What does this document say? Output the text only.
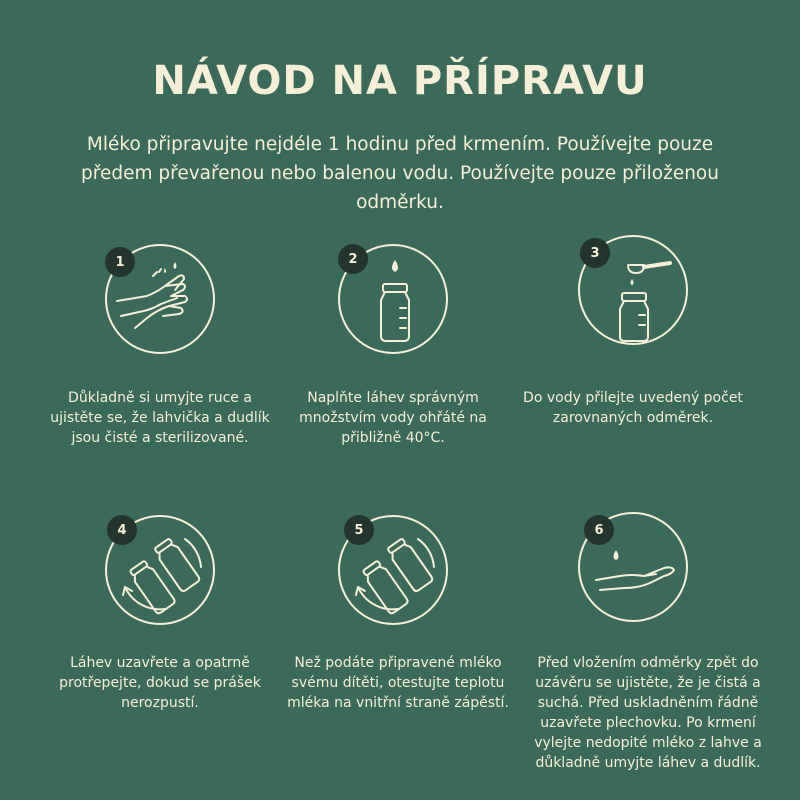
NÁVOD NA PŘÍPRAVU
Mléko připravujte nejdéle 1 hodinu před krmením. Používejte pouze předem převařenou nebo balenou vodu. Používejte pouze přiloženou odměrku.
1
Důkladně si umyjte ruce a ujistěte se, že lahvička a dudlík jsou čisté a sterilizované.
2
Naplňte láhev správným množstvím vody ohřáté na přibližně 40°C.
3
Do vody přilejte uvedený počet zarovnaných odměrek.
4
Láhev uzavřete a opatrně protřepejte, dokud se prášek nerozpustí.
5
Než podáte připravené mléko svému dítěti, otestujte teplotu mléka na vnitřní straně zápěstí.
6
Před vložením odměrky zpět do uzávěru se ujistěte, že je čistá a suchá. Před uskladněním řádně uzavřete plechovku. Po krmení vylejte nedopité mléko z lahve a důkladně umyjte láhev a dudlík.
